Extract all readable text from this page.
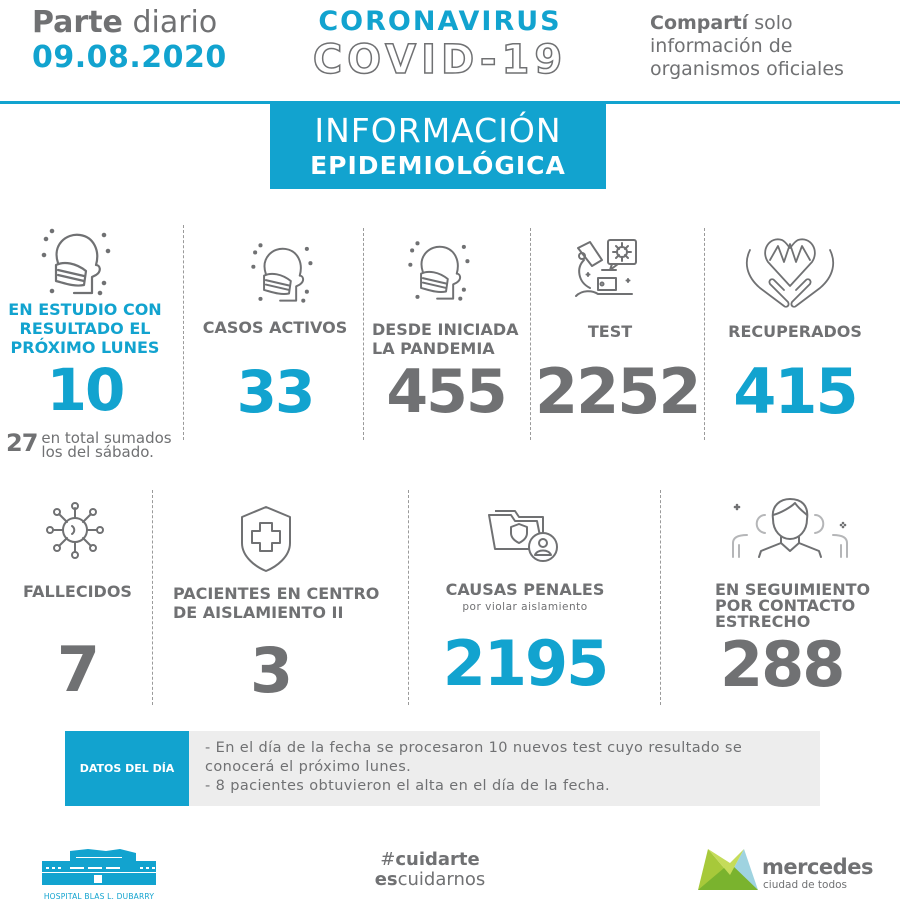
Parte diario
09.08.2020
CORONAVIRUS
COVID-19
Compartí solo
información de
organismos oficiales
INFORMACIÓN
EPIDEMIOLÓGICA
EN ESTUDIO CON
RESULTADO EL
PRÓXIMO LUNES
10
27 en total sumados
los del sábado.
CASOS ACTIVOS
33
DESDE INICIADA
LA PANDEMIA
455
TEST
2252
RECUPERADOS
415
FALLECIDOS
7
PACIENTES EN CENTRO
DE AISLAMIENTO II
3
CAUSAS PENALES
por violar aislamiento
2195
EN SEGUIMIENTO
POR CONTACTO
ESTRECHO
288
DATOS DEL DÍA
- En el día de la fecha se procesaron 10 nuevos test cuyo resultado se
conocerá el próximo lunes.
- 8 pacientes obtuvieron el alta en el día de la fecha.
HOSPITAL BLAS L. DUBARRY
#cuidarte
escuidarnos
mercedes
ciudad de todos
